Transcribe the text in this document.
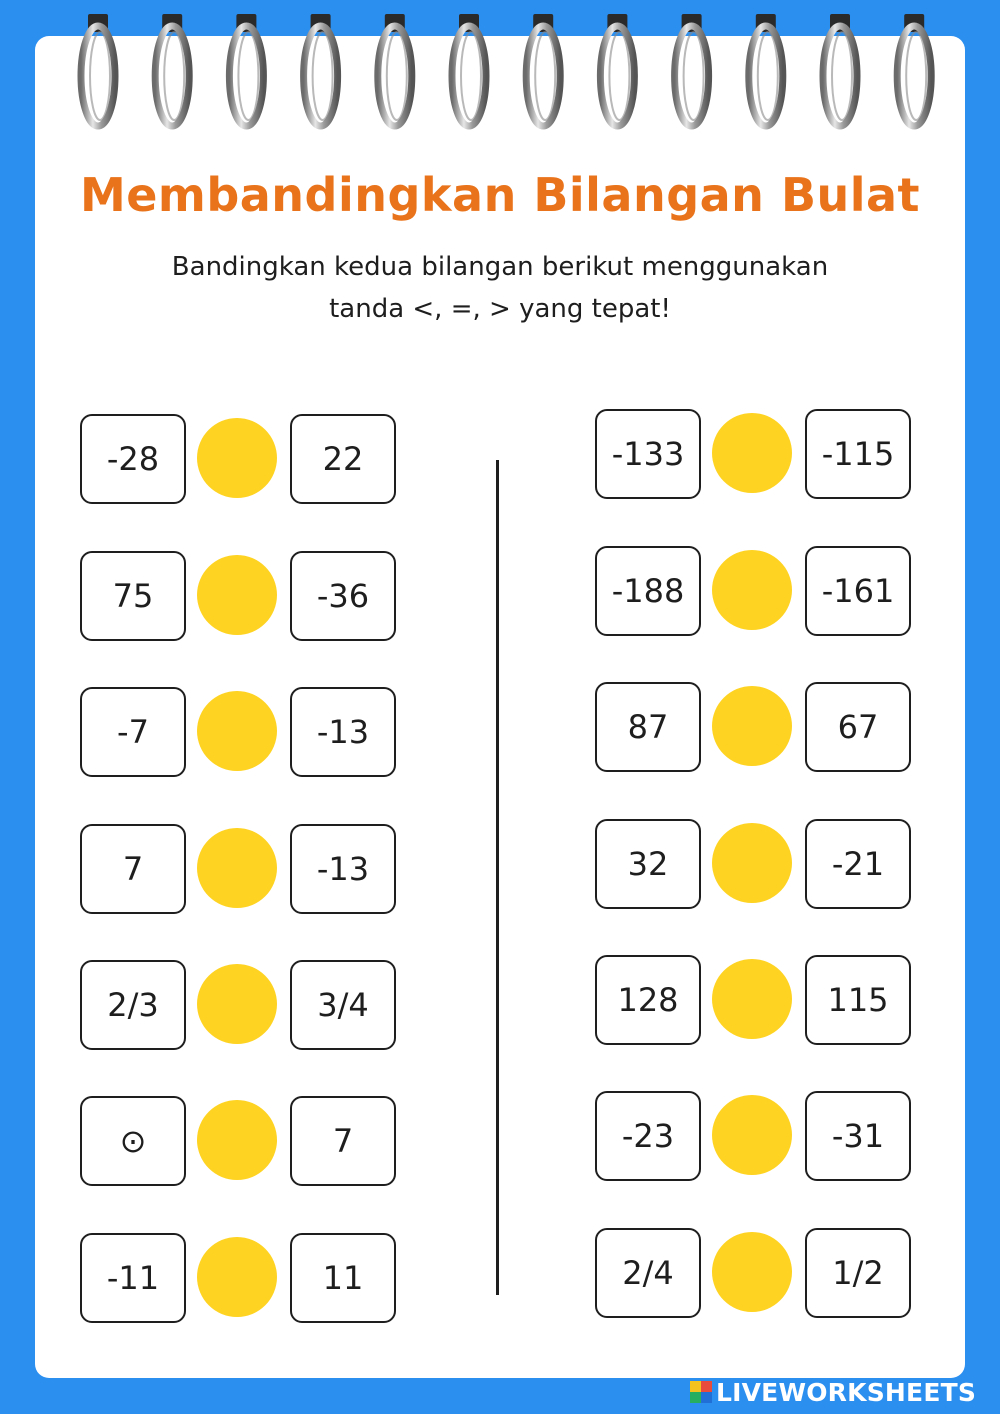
Membandingkan Bilangan Bulat

Bandingkan kedua bilangan berikut menggunakan
tanda <, =, > yang tepat!

-28	22
75	-36
-7	-13
7	-13
2/3	3/4
⊙	7
-11	11
-133	-115
-188	-161
87	67
32	-21
128	115
-23	-31
2/4	1/2
LIVEWORKSHEETS
